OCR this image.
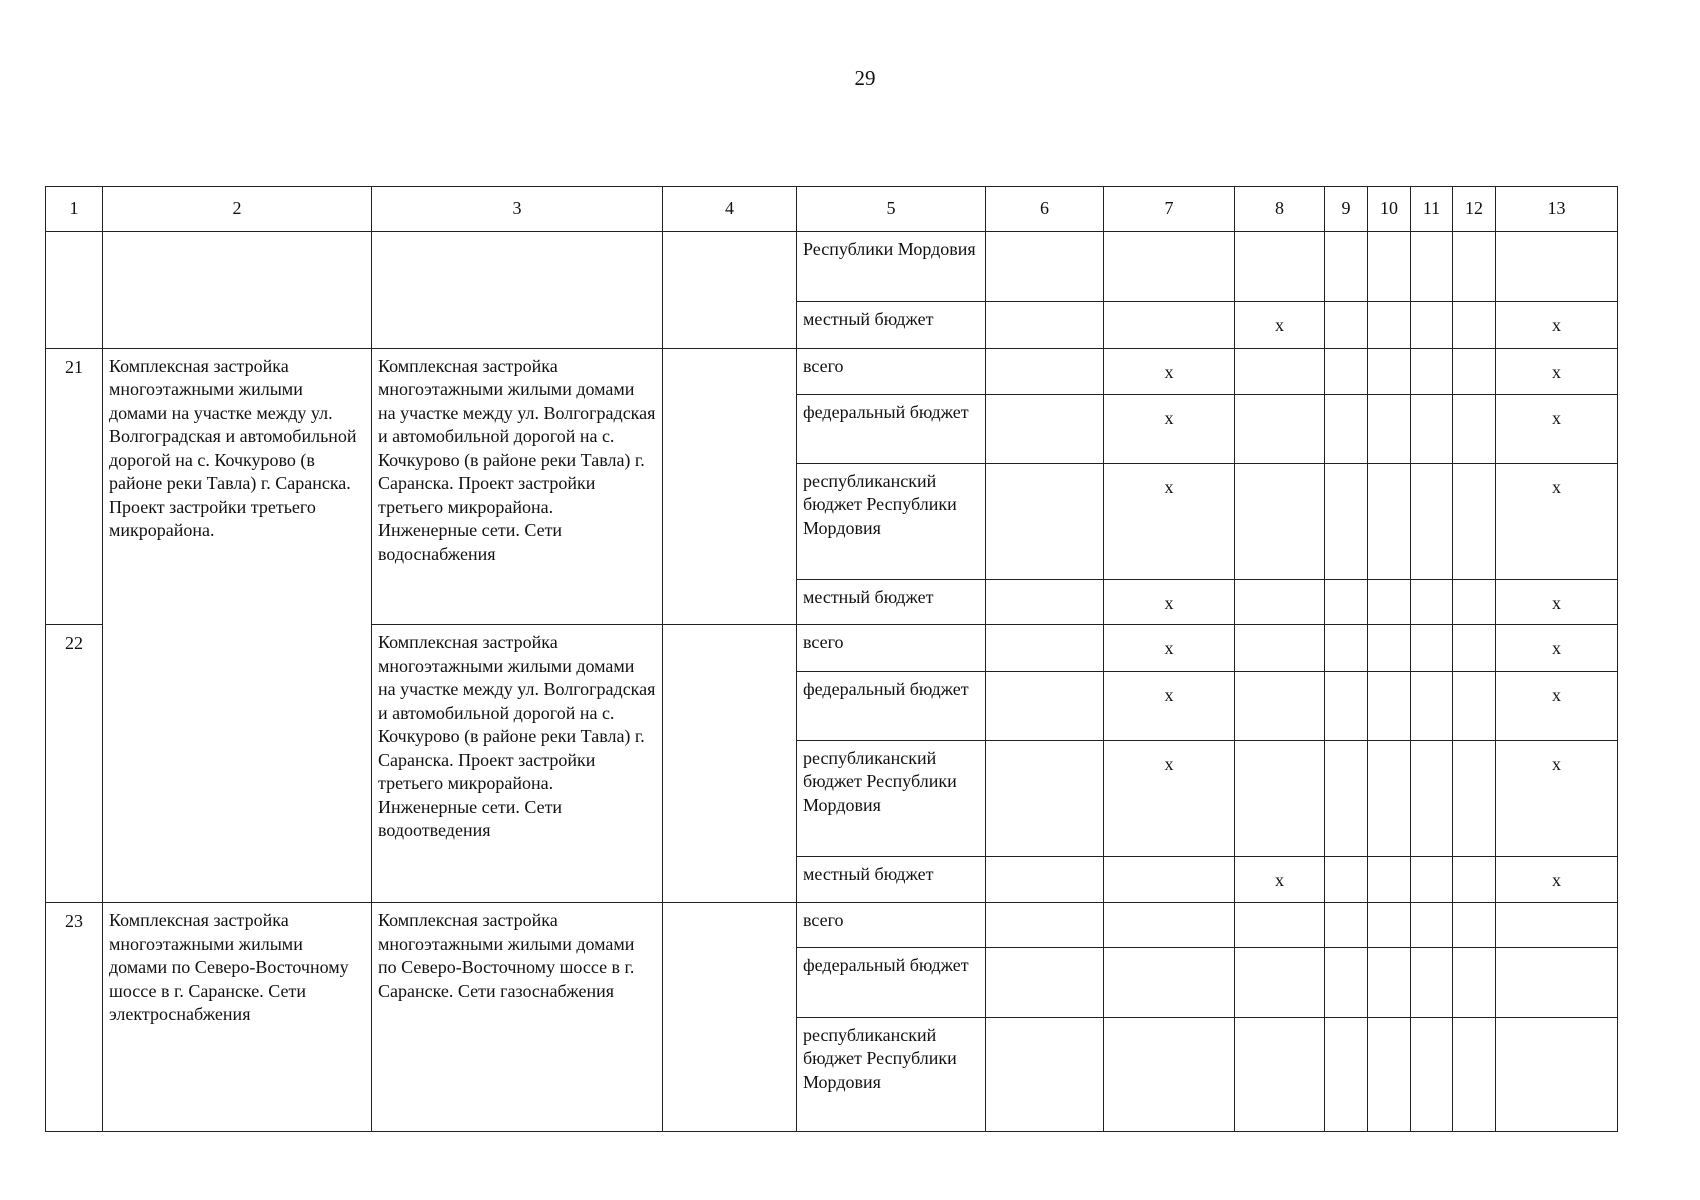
29
1	2	3	4	5	6	7	8	9	10	11	12	13
				Республики Мордовия								
				местный бюджет			х					х
21	Комплексная застройка многоэтажными жилыми домами на участке между ул. Волгоградская и автомобильной дорогой на с. Кочкурово (в районе реки Тавла) г. Саранска. Проект застройки третьего микрорайона.	Комплексная застройка многоэтажными жилыми домами на участке между ул. Волгоградская и автомобильной дорогой на с. Кочкурово (в районе реки Тавла) г. Саранска. Проект застройки третьего микрорайона. Инженерные сети. Сети водоснабжения		всего		х						х
				федеральный бюджет		х						х
				республиканский бюджет Республики Мордовия		х						х
				местный бюджет		х						х
22		Комплексная застройка многоэтажными жилыми домами на участке между ул. Волгоградская и автомобильной дорогой на с. Кочкурово (в районе реки Тавла) г. Саранска. Проект застройки третьего микрорайона. Инженерные сети. Сети водоотведения		всего		х						х
				федеральный бюджет		х						х
				республиканский бюджет Республики Мордовия		х						х
				местный бюджет			х					х
23	Комплексная застройка многоэтажными жилыми домами по Северо-Восточному шоссе в г. Саранске. Сети электроснабжения	Комплексная застройка многоэтажными жилыми домами по Северо-Восточному шоссе в г. Саранске. Сети газоснабжения		всего								
				федеральный бюджет								
				республиканский бюджет Республики Мордовия								
